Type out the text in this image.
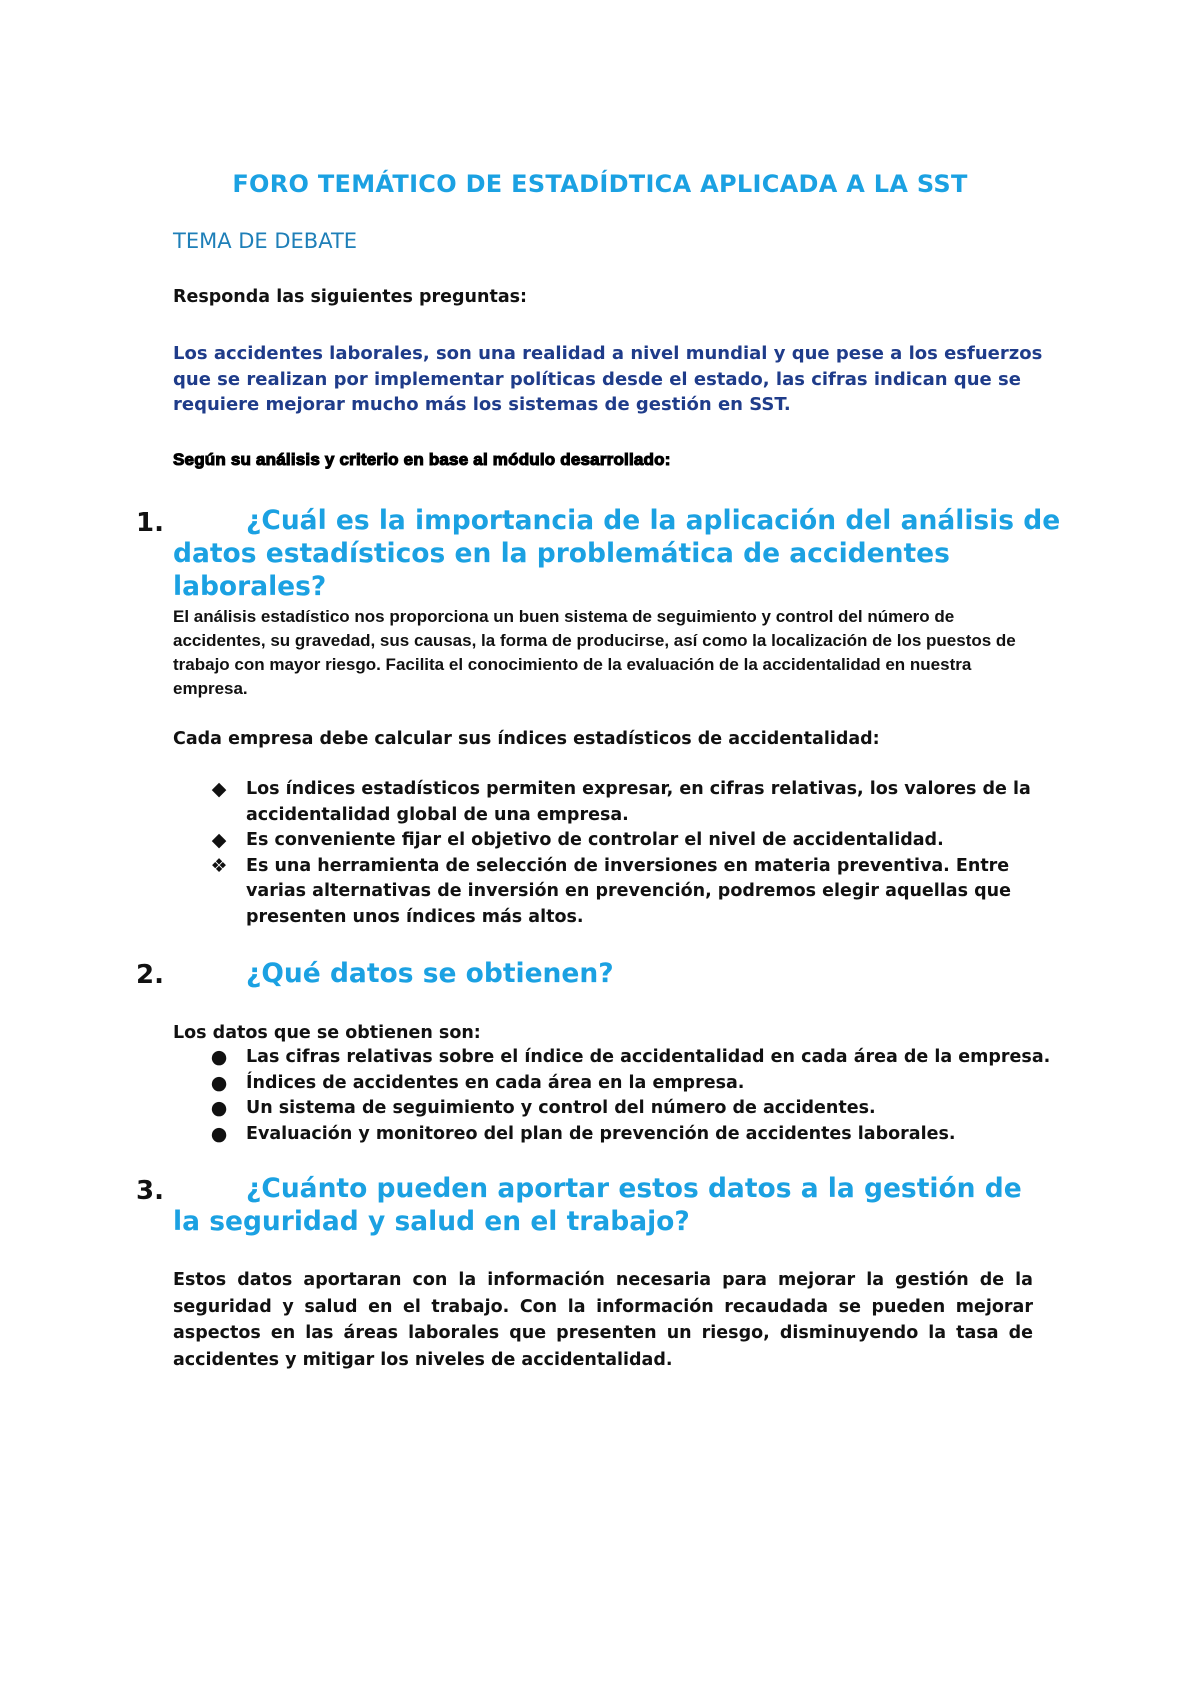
FORO TEMÁTICO DE ESTADÍDTICA APLICADA A LA SST
TEMA DE DEBATE
Responda las siguientes preguntas:

Los accidentes laborales, son una realidad a nivel mundial y que pese a los esfuerzos que se realizan por implementar políticas desde el estado, las cifras indican que se requiere mejorar mucho más los sistemas de gestión en SST.

Según su análisis y criterio en base al módulo desarrollado:
1.	¿Cuál es la importancia de la aplicación del análisis de datos estadísticos en la problemática de accidentes laborales?

El análisis estadístico nos proporciona un buen sistema de seguimiento y control del número de accidentes, su gravedad, sus causas, la forma de producirse, así como la localización de los puestos de trabajo con mayor riesgo. Facilita el conocimiento de la evaluación de la accidentalidad en nuestra empresa.

Cada empresa debe calcular sus índices estadísticos de accidentalidad:
◆ Los índices estadísticos permiten expresar, en cifras relativas, los valores de la accidentalidad global de una empresa.
◆ Es conveniente fijar el objetivo de controlar el nivel de accidentalidad.
❖ Es una herramienta de selección de inversiones en materia preventiva. Entre varias alternativas de inversión en prevención, podremos elegir aquellas que presenten unos índices más altos.
2.	¿Qué datos se obtienen?
Los datos que se obtienen son:
● Las cifras relativas sobre el índice de accidentalidad en cada área de la empresa.
● Índices de accidentes en cada área en la empresa.
● Un sistema de seguimiento y control del número de accidentes.
● Evaluación y monitoreo del plan de prevención de accidentes laborales.
3.	¿Cuánto pueden aportar estos datos a la gestión de la seguridad y salud en el trabajo?

Estos datos aportaran con la información necesaria para mejorar la gestión de la seguridad y salud en el trabajo. Con la información recaudada se pueden mejorar aspectos en las áreas laborales que presenten un riesgo, disminuyendo la tasa de accidentes y mitigar los niveles de accidentalidad.
